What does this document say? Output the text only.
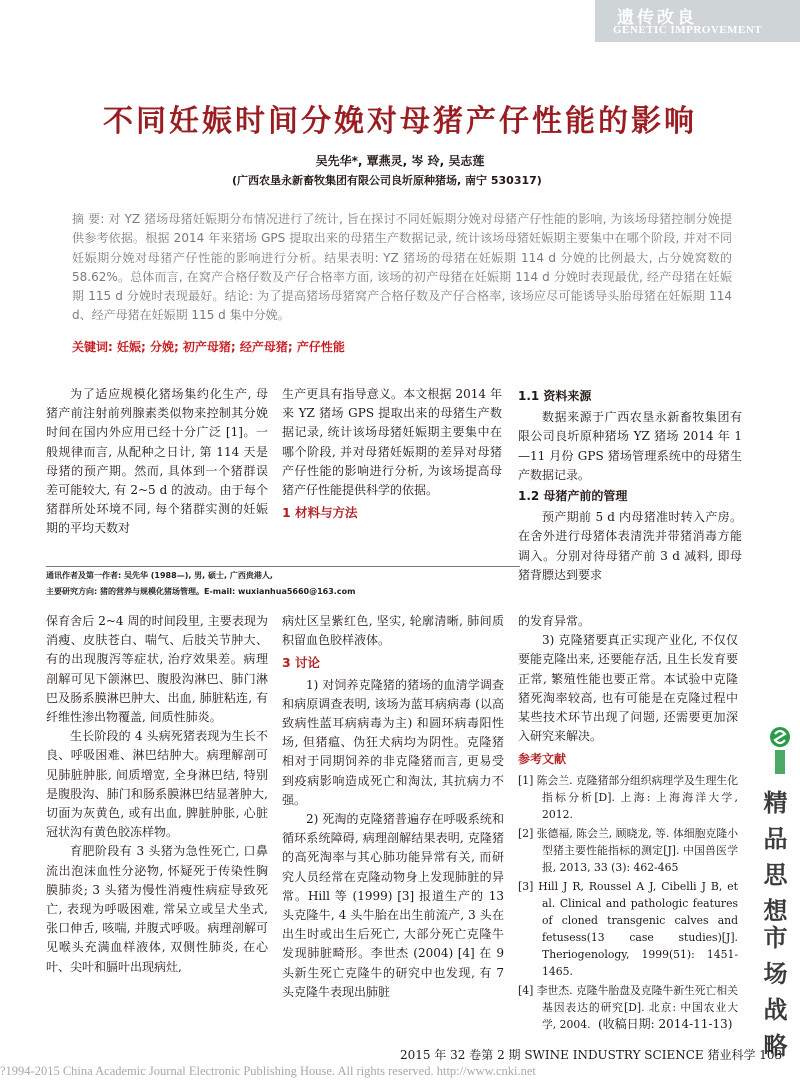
遗传改良
GENETIC IMPROVEMENT
不同妊娠时间分娩对母猪产仔性能的影响
吴先华*, 覃燕灵, 岑 玲, 吴志莲
(广西农垦永新畜牧集团有限公司良圻原种猪场, 南宁 530317)
摘 要: 对 YZ 猪场母猪妊娠期分布情况进行了统计, 旨在探讨不同妊娠期分娩对母猪产仔性能的影响, 为该场母猪控制分娩提供参考依据。根据 2014 年来猪场 GPS 提取出来的母猪生产数据记录, 统计该场母猪妊娠期主要集中在哪个阶段, 并对不同妊娠期分娩对母猪产仔性能的影响进行分析。结果表明: YZ 猪场的母猪在妊娠期 114 d 分娩的比例最大, 占分娩窝数的 58.62%。总体而言, 在窝产合格仔数及产仔合格率方面, 该场的初产母猪在妊娠期 114 d 分娩时表现最优, 经产母猪在妊娠期 115 d 分娩时表现最好。结论: 为了提高猪场母猪窝产合格仔数及产仔合格率, 该场应尽可能诱导头胎母猪在妊娠期 114 d、经产母猪在妊娠期 115 d 集中分娩。
关键词: 妊娠; 分娩; 初产母猪; 经产母猪; 产仔性能

为了适应规模化猪场集约化生产, 母猪产前注射前列腺素类似物来控制其分娩时间在国内外应用已经十分广泛 [1]。一般规律而言, 从配种之日计, 第 114 天是母猪的预产期。然而, 具体到一个猪群误差可能较大, 有 2~5 d 的波动。由于每个猪群所处环境不同, 每个猪群实测的妊娠期的平均天数对

生产更具有指导意义。本文根据 2014 年来 YZ 猪场 GPS 提取出来的母猪生产数据记录, 统计该场母猪妊娠期主要集中在哪个阶段, 并对母猪妊娠期的差异对母猪产仔性能的影响进行分析, 为该场提高母猪产仔性能提供科学的依据。

1 材料与方法
1.1 资料来源

数据来源于广西农垦永新畜牧集团有限公司良圻原种猪场 YZ 猪场 2014 年 1—11 月份 GPS 猪场管理系统中的母猪生产数据记录。

1.2 母猪产前的管理

预产期前 5 d 内母猪准时转入产房。在舍外进行母猪体表清洗并带猪消毒方能调入。分别对待母猪产前 3 d 减料, 即母猪背膘达到要求

通讯作者及第一作者: 吴先华 (1988—), 男, 硕士, 广西贵港人,
主要研究方向: 猪的营养与规模化猪场管理。E-mail: wuxianhua5660@163.com

保育舍后 2~4 周的时间段里, 主要表现为消瘦、皮肤苍白、喘气、后肢关节肿大、有的出现腹泻等症状, 治疗效果差。病理剖解可见下颌淋巴、腹股沟淋巴、肺门淋巴及肠系膜淋巴肿大、出血, 肺脏粘连, 有纤维性渗出物覆盖, 间质性肺炎。

生长阶段的 4 头病死猪表现为生长不良、呼吸困难、淋巴结肿大。病理解剖可见肺脏肿胀, 间质增宽, 全身淋巴结, 特别是腹股沟、肺门和肠系膜淋巴结显著肿大, 切面为灰黄色, 或有出血, 脾脏肿胀, 心脏冠状沟有黄色胶冻样物。

育肥阶段有 3 头猪为急性死亡, 口鼻流出泡沫血性分泌物, 怀疑死于传染性胸膜肺炎; 3 头猪为慢性消瘦性病症导致死亡, 表现为呼吸困难, 常呆立或呈犬坐式, 张口伸舌, 咳喘, 并腹式呼吸。病理剖解可见喉头充满血样液体, 双侧性肺炎, 在心叶、尖叶和膈叶出现病灶,

病灶区呈紫红色, 坚实, 轮廓清晰, 肺间质积留血色胶样液体。

3 讨论

1) 对饲养克隆猪的猪场的血清学调查和病原调查表明, 该场为蓝耳病病毒 (以高致病性蓝耳病病毒为主) 和圆环病毒阳性场, 但猪瘟、伪狂犬病均为阴性。克隆猪相对于同期饲养的非克隆猪而言, 更易受到疫病影响造成死亡和淘汰, 其抗病力不强。

2) 死淘的克隆猪普遍存在呼吸系统和循环系统障碍, 病理剖解结果表明, 克隆猪的高死淘率与其心肺功能异常有关, 而研究人员经常在克隆动物身上发现肺脏的异常。Hill 等 (1999) [3] 报道生产的 13 头克隆牛, 4 头牛胎在出生前流产, 3 头在出生时或出生后死亡, 大部分死亡克隆牛发现肺脏畸形。李世杰 (2004) [4] 在 9 头新生死亡克隆牛的研究中也发现, 有 7 头克隆牛表现出肺脏

的发育异常。

3) 克隆猪要真正实现产业化, 不仅仅要能克隆出来, 还要能存活, 且生长发育要正常, 繁殖性能也要正常。本试验中克隆猪死淘率较高, 也有可能是在克隆过程中某些技术环节出现了问题, 还需要更加深入研究来解决。

参考文献
[1] 陈会兰. 克隆猪部分组织病理学及生理生化指标分析[D]. 上海: 上海海洋大学, 2012.
[2] 张德福, 陈会兰, 顾晓龙, 等. 体细胞克隆小型猪主要性能指标的测定[J]. 中国兽医学报, 2013, 33 (3): 462-465
[3] Hill J R, Roussel A J, Cibelli J B, et al. Clinical and pathologic features of cloned transgenic calves and fetusess(13 case studies)[J]. Theriogenology, 1999(51): 1451-1465.
[4] 李世杰. 克隆牛胎盘及克隆牛新生死亡相关基因表达的研究[D]. 北京: 中国农业大学, 2004. (收稿日期: 2014-11-13)
精品思想
市场战略
2015 年 32 卷第 2 期 SWINE INDUSTRY SCIENCE 猪业科学 103
?1994-2015 China Academic Journal Electronic Publishing House. All rights reserved. http://www.cnki.net
